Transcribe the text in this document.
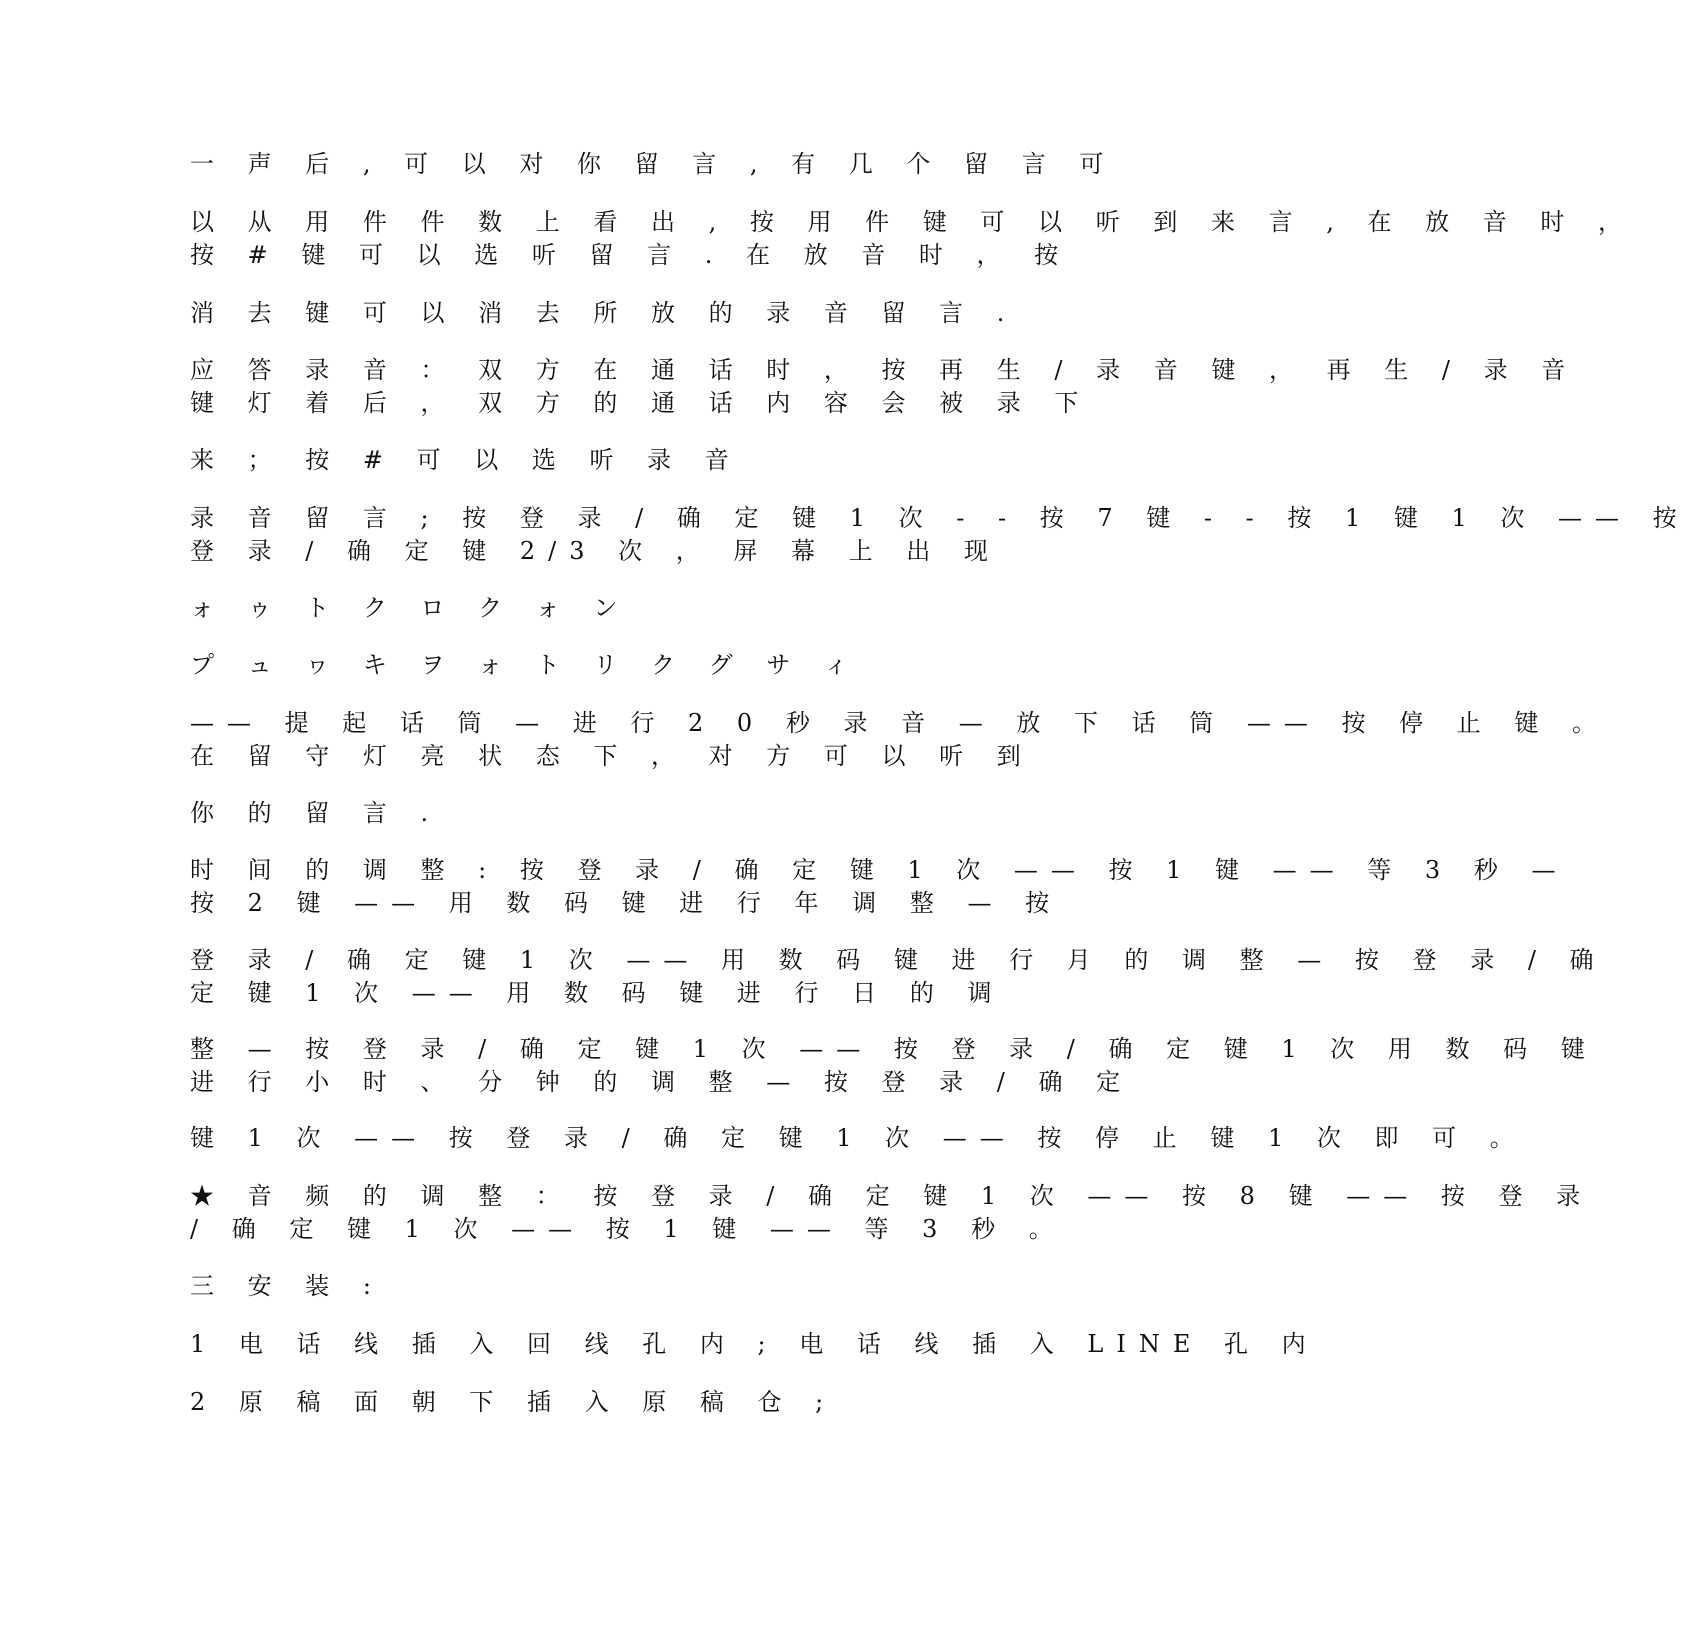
一 声 后 , 可 以 对 你 留 言 , 有 几 个 留 言 可

以 从 用 件 件 数 上 看 出 , 按 用 件 键 可 以 听 到 来 言 , 在 放 音 时 ，
按 # 键 可 以 选 听 留 言 . 在 放 音 时 ， 按

消 去 键 可 以 消 去 所 放 的 录 音 留 言 .

应 答 录 音 ： 双 方 在 通 话 时 ， 按 再 生 / 录 音 键 ， 再 生 / 录 音
键 灯 着 后 ， 双 方 的 通 话 内 容 会 被 录 下

来 ； 按 # 可 以 选 听 录 音

录 音 留 言 ; 按 登 录 / 确 定 键 1 次 - - 按 7 键 - - 按 1 键 1 次 —— 按
登 录 / 确 定 键 2/3 次 ， 屏 幕 上 出 现

ォ ゥ ト ク ロ ク ォ ン

プ ュ ヮ キ ヲ ォ ト リ ク グ サ ィ

—— 提 起 话 筒 — 进 行 2 0 秒 录 音 — 放 下 话 筒 —— 按 停 止 键 。
在 留 守 灯 亮 状 态 下 ， 对 方 可 以 听 到

你 的 留 言 .

时 间 的 调 整 : 按 登 录 / 确 定 键 1 次 —— 按 1 键 —— 等 3 秒 —
按 2 键 —— 用 数 码 键 进 行 年 调 整 — 按

登 录 / 确 定 键 1 次 —— 用 数 码 键 进 行 月 的 调 整 — 按 登 录 / 确
定 键 1 次 —— 用 数 码 键 进 行 日 的 调

整 — 按 登 录 / 确 定 键 1 次 —— 按 登 录 / 确 定 键 1 次 用 数 码 键
进 行 小 时 、 分 钟 的 调 整 — 按 登 录 / 确 定

键 1 次 —— 按 登 录 / 确 定 键 1 次 —— 按 停 止 键 1 次 即 可 。

★ 音 频 的 调 整 ： 按 登 录 / 确 定 键 1 次 —— 按 8 键 —— 按 登 录
/ 确 定 键 1 次 —— 按 1 键 —— 等 3 秒 。

三 安 装 :

1 电 话 线 插 入 回 线 孔 内 ; 电 话 线 插 入 LINE 孔 内

2 原 稿 面 朝 下 插 入 原 稿 仓 ;
